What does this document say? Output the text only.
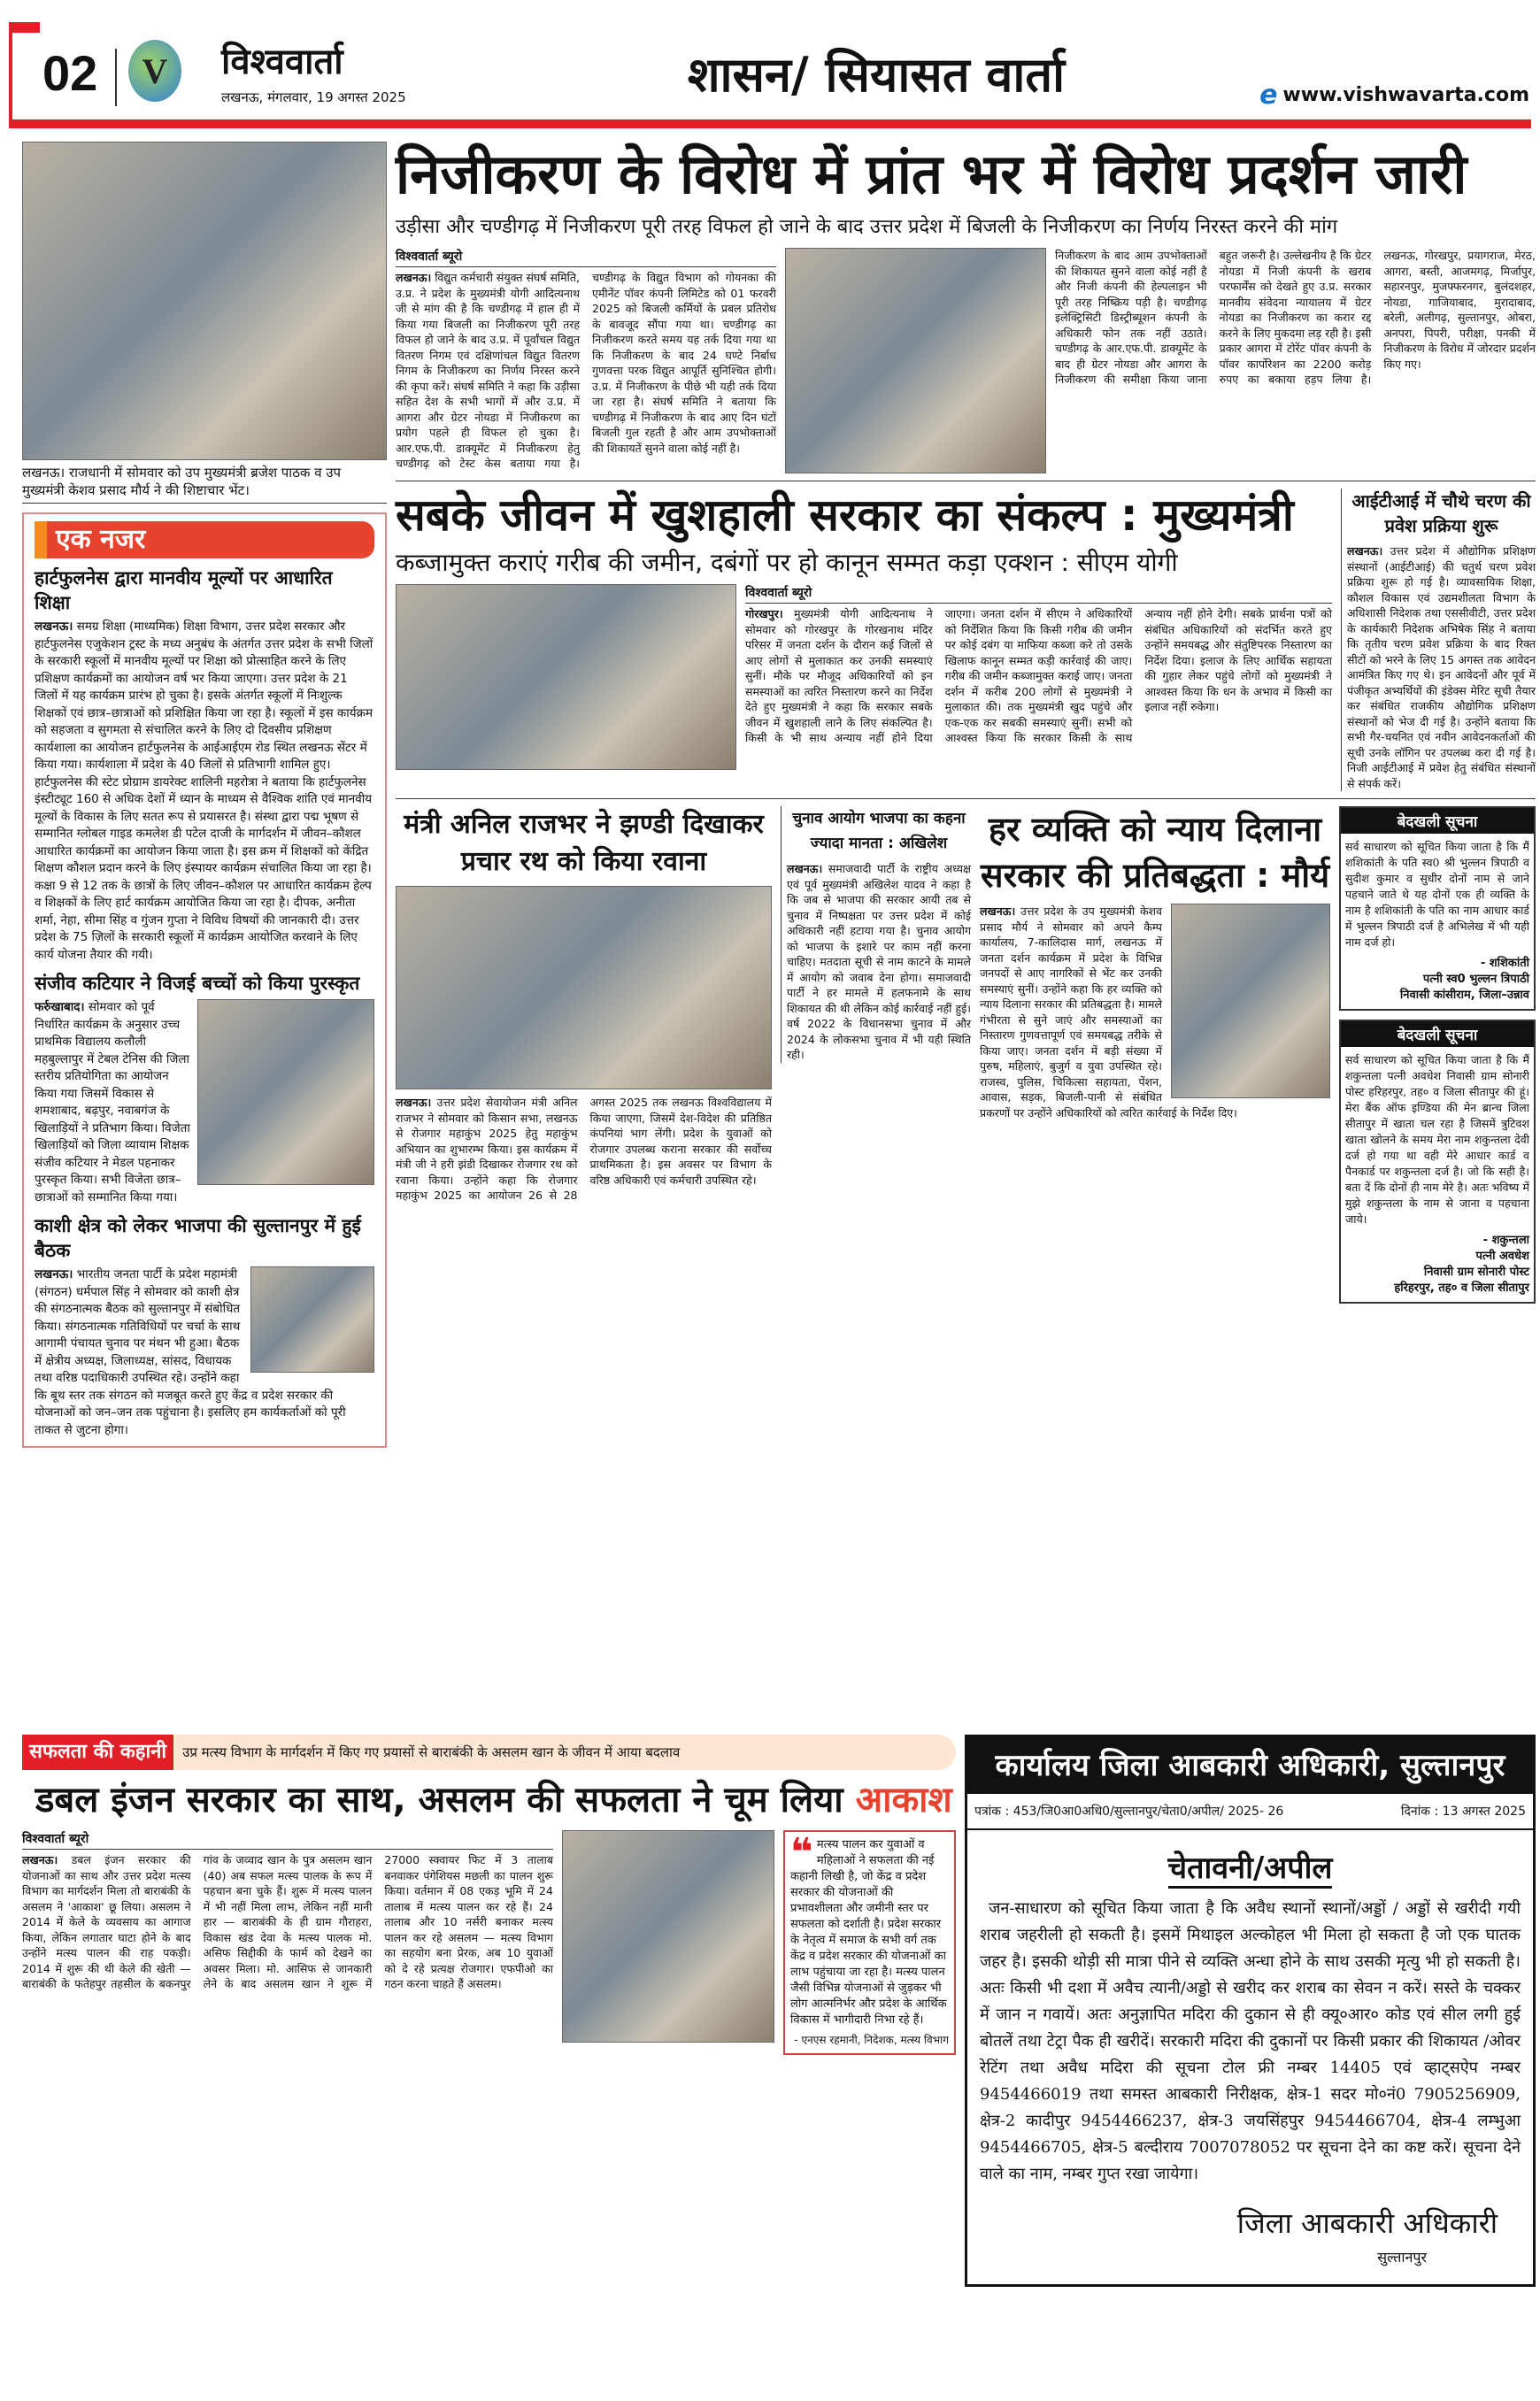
02	V	विश्ववार्ता
लखनऊ, मंगलवार, 19 अगस्त 2025	शासन/ सियासत वार्ता	e www.vishwavarta.com
लखनऊ। राजधानी में सोमवार को उप मुख्यमंत्री ब्रजेश पाठक व उप मुख्यमंत्री केशव प्रसाद मौर्य ने की शिष्टाचार भेंट।
एक नजर
हार्टफुलनेस द्वारा मानवीय मूल्यों पर आधारित शिक्षा
लखनऊ। समग्र शिक्षा (माध्यमिक) शिक्षा विभाग, उत्तर प्रदेश सरकार और हार्टफुलनेस एजुकेशन ट्रस्ट के मध्य अनुबंध के अंतर्गत उत्तर प्रदेश के सभी जिलों के सरकारी स्कूलों में मानवीय मूल्यों पर शिक्षा को प्रोत्साहित करने के लिए प्रशिक्षण कार्यक्रमों का आयोजन वर्ष भर किया जाएगा। उत्तर प्रदेश के 21 जिलों में यह कार्यक्रम प्रारंभ हो चुका है। इसके अंतर्गत स्कूलों में निःशुल्क शिक्षकों एवं छात्र–छात्राओं को प्रशिक्षित किया जा रहा है। स्कूलों में इस कार्यक्रम को सहजता व सुगमता से संचालित करने के लिए दो दिवसीय प्रशिक्षण कार्यशाला का आयोजन हार्टफुलनेस के आईआईएम रोड स्थित लखनऊ सेंटर में किया गया। कार्यशाला में प्रदेश के 40 जिलों से प्रतिभागी शामिल हुए। हार्टफुलनेस की स्टेट प्रोग्राम डायरेक्ट शालिनी महरोत्रा ने बताया कि हार्टफुलनेस इंस्टीट्यूट 160 से अधिक देशों में ध्यान के माध्यम से वैश्विक शांति एवं मानवीय मूल्यों के विकास के लिए सतत रूप से प्रयासरत है। संस्था द्वारा पद्म भूषण से सम्मानित ग्लोबल गाइड कमलेश डी पटेल दाजी के मार्गदर्शन में जीवन–कौशल आधारित कार्यक्रमों का आयोजन किया जाता है। इस क्रम में शिक्षकों को केंद्रित शिक्षण कौशल प्रदान करने के लिए इंस्पायर कार्यक्रम संचालित किया जा रहा है। कक्षा 9 से 12 तक के छात्रों के लिए जीवन–कौशल पर आधारित कार्यक्रम हेल्प व शिक्षकों के लिए हार्ट कार्यक्रम आयोजित किया जा रहा है। दीपक, अनीता शर्मा, नेहा, सीमा सिंह व गुंजन गुप्ता ने विविध विषयों की जानकारी दी। उत्तर प्रदेश के 75 ज़िलों के सरकारी स्कूलों में कार्यक्रम आयोजित करवाने के लिए कार्य योजना तैयार की गयी।
संजीव कटियार ने विजई बच्चों को किया पुरस्कृत
फर्रुखाबाद। सोमवार को पूर्व निर्धारित कार्यक्रम के अनुसार उच्च प्राथमिक विद्यालय कलौली महबुल्लापुर में टेबल टेनिस की जिला स्तरीय प्रतियोगिता का आयोजन किया गया जिसमें विकास से शमशाबाद, बढ़पुर, नवाबगंज के खिलाड़ियों ने प्रतिभाग किया। विजेता खिलाड़ियों को जिला व्यायाम शिक्षक संजीव कटियार ने मेडल पहनाकर पुरस्कृत किया। सभी विजेता छात्र–छात्राओं को सम्मानित किया गया।
काशी क्षेत्र को लेकर भाजपा की सुल्तानपुर में हुई बैठक
लखनऊ। भारतीय जनता पार्टी के प्रदेश महामंत्री (संगठन) धर्मपाल सिंह ने सोमवार को काशी क्षेत्र की संगठनात्मक बैठक को सुल्तानपुर में संबोधित किया। संगठनात्मक गतिविधियों पर चर्चा के साथ आगामी पंचायत चुनाव पर मंथन भी हुआ। बैठक में क्षेत्रीय अध्यक्ष, जिलाध्यक्ष, सांसद, विधायक तथा वरिष्ठ पदाधिकारी उपस्थित रहे। उन्होंने कहा कि बूथ स्तर तक संगठन को मजबूत करते हुए केंद्र व प्रदेश सरकार की योजनाओं को जन–जन तक पहुंचाना है। इसलिए हम कार्यकर्ताओं को पूरी ताकत से जुटना होगा।
निजीकरण के विरोध में प्रांत भर में विरोध प्रदर्शन जारी
उड़ीसा और चण्डीगढ़ में निजीकरण पूरी तरह विफल हो जाने के बाद उत्तर प्रदेश में बिजली के निजीकरण का निर्णय निरस्त करने की मांग
विश्ववार्ता ब्यूरो
लखनऊ। विद्युत कर्मचारी संयुक्त संघर्ष समिति, उ.प्र. ने प्रदेश के मुख्यमंत्री योगी आदित्यनाथ जी से मांग की है कि चण्डीगढ़ में हाल ही में किया गया बिजली का निजीकरण पूरी तरह विफल हो जाने के बाद उ.प्र. में पूर्वांचल विद्युत वितरण निगम एवं दक्षिणांचल विद्युत वितरण निगम के निजीकरण का निर्णय निरस्त करने की कृपा करें। संघर्ष समिति ने कहा कि उड़ीसा सहित देश के सभी भागों में और उ.प्र. में आगरा और ग्रेटर नोयडा में निजीकरण का प्रयोग पहले ही विफल हो चुका है। आर.एफ.पी. डाक्यूमेंट में निजीकरण हेतु चण्डीगढ़ को टेस्ट केस बताया गया है। चण्डीगढ़ के विद्युत विभाग को गोयनका की एमीनेंट पॉवर कंपनी लिमिटेड को 01 फरवरी 2025 को बिजली कर्मियों के प्रबल प्रतिरोध के बावजूद सौंपा गया था। चण्डीगढ़ का निजीकरण करते समय यह तर्क दिया गया था कि निजीकरण के बाद 24 घण्टे निर्बाध गुणवत्ता परक विद्युत आपूर्ति सुनिश्चित होगी। उ.प्र. में निजीकरण के पीछे भी यही तर्क दिया जा रहा है। संघर्ष समिति ने बताया कि चण्डीगढ़ में निजीकरण के बाद आए दिन घंटों बिजली गुल रहती है और आम उपभोक्ताओं की शिकायतें सुनने वाला कोई नहीं है।
निजीकरण के बाद आम उपभोक्ताओं की शिकायत सुनने वाला कोई नहीं है और निजी कंपनी की हेल्पलाइन भी पूरी तरह निष्क्रिय पड़ी है। चण्डीगढ़ इलेक्ट्रिसिटी डिस्ट्रीब्यूशन कंपनी के अधिकारी फोन तक नहीं उठाते। चण्डीगढ़ के आर.एफ.पी. डाक्यूमेंट के बाद ही ग्रेटर नोयडा और आगरा के निजीकरण की समीक्षा किया जाना बहुत जरूरी है। उल्लेखनीय है कि ग्रेटर नोयडा में निजी कंपनी के खराब परफार्मेंस को देखते हुए उ.प्र. सरकार मानवीय संवेदना न्यायालय में ग्रेटर नोयडा का निजीकरण का करार रद्द करने के लिए मुकदमा लड़ रही है। इसी प्रकार आगरा में टोरेंट पॉवर कंपनी के पॉवर कार्पोरेशन का 2200 करोड़ रुपए का बकाया हड़प लिया है। लखनऊ, गोरखपुर, प्रयागराज, मेरठ, आगरा, बस्ती, आजमगढ़, मिर्जापुर, सहारनपुर, मुजफ्फरनगर, बुलंदशहर, नोयडा, गाजियाबाद, मुरादाबाद, बरेली, अलीगढ़, सुल्तानपुर, ओबरा, अनपरा, पिपरी, परीक्षा, पनकी में निजीकरण के विरोध में जोरदार प्रदर्शन किए गए।
सबके जीवन में खुशहाली सरकार का संकल्प : मुख्यमंत्री
कब्जामुक्त कराएं गरीब की जमीन, दबंगों पर हो कानून सम्मत कड़ा एक्शन : सीएम योगी
विश्ववार्ता ब्यूरो
गोरखपुर। मुख्यमंत्री योगी आदित्यनाथ ने सोमवार को गोरखपुर के गोरखनाथ मंदिर परिसर में जनता दर्शन के दौरान कई जिलों से आए लोगों से मुलाकात कर उनकी समस्याएं सुनीं। मौके पर मौजूद अधिकारियों को इन समस्याओं का त्वरित निस्तारण करने का निर्देश देते हुए मुख्यमंत्री ने कहा कि सरकार सबके जीवन में खुशहाली लाने के लिए संकल्पित है। किसी के भी साथ अन्याय नहीं होने दिया जाएगा। जनता दर्शन में सीएम ने अधिकारियों को निर्देशित किया कि किसी गरीब की जमीन पर कोई दबंग या माफिया कब्जा करे तो उसके खिलाफ कानून सम्मत कड़ी कार्रवाई की जाए। गरीब की जमीन कब्जामुक्त कराई जाए। जनता दर्शन में करीब 200 लोगों से मुख्यमंत्री ने मुलाकात की। तक मुख्यमंत्री खुद पहुंचे और एक-एक कर सबकी समस्याएं सुनीं। सभी को आश्वस्त किया कि सरकार किसी के साथ अन्याय नहीं होने देगी। सबके प्रार्थना पत्रों को संबंधित अधिकारियों को संदर्भित करते हुए उन्होंने समयबद्ध और संतुष्टिपरक निस्तारण का निर्देश दिया। इलाज के लिए आर्थिक सहायता की गुहार लेकर पहुंचे लोगों को मुख्यमंत्री ने आश्वस्त किया कि धन के अभाव में किसी का इलाज नहीं रुकेगा।
आईटीआई में चौथे चरण की प्रवेश प्रक्रिया शुरू
लखनऊ। उत्तर प्रदेश में औद्योगिक प्रशिक्षण संस्थानों (आईटीआई) की चतुर्थ चरण प्रवेश प्रक्रिया शुरू हो गई है। व्यावसायिक शिक्षा, कौशल विकास एवं उद्यमशीलता विभाग के अधिशासी निदेशक तथा एससीवीटी, उत्तर प्रदेश के कार्यकारी निदेशक अभिषेक सिंह ने बताया कि तृतीय चरण प्रवेश प्रक्रिया के बाद रिक्त सीटों को भरने के लिए 15 अगस्त तक आवेदन आमंत्रित किए गए थे। इन आवेदनों और पूर्व में पंजीकृत अभ्यर्थियों की इंडेक्स मेरिट सूची तैयार कर संबंधित राजकीय औद्योगिक प्रशिक्षण संस्थानों को भेज दी गई है। उन्होंने बताया कि सभी गैर-चयनित एवं नवीन आवेदनकर्ताओं की सूची उनके लॉगिन पर उपलब्ध करा दी गई है। निजी आईटीआई में प्रवेश हेतु संबंधित संस्थानों से संपर्क करें।
मंत्री अनिल राजभर ने झण्डी दिखाकर प्रचार रथ को किया रवाना
लखनऊ। उत्तर प्रदेश सेवायोजन मंत्री अनिल राजभर ने सोमवार को किसान सभा, लखनऊ से रोजगार महाकुंभ 2025 हेतु महाकुंभ अभियान का शुभारम्भ किया। इस कार्यक्रम में मंत्री जी ने हरी झंडी दिखाकर रोजगार रथ को रवाना किया। उन्होंने कहा कि रोजगार महाकुंभ 2025 का आयोजन 26 से 28 अगस्त 2025 तक लखनऊ विश्वविद्यालय में किया जाएगा, जिसमें देश-विदेश की प्रतिष्ठित कंपनियां भाग लेंगी। प्रदेश के युवाओं को रोजगार उपलब्ध कराना सरकार की सर्वोच्च प्राथमिकता है। इस अवसर पर विभाग के वरिष्ठ अधिकारी एवं कर्मचारी उपस्थित रहे।
चुनाव आयोग भाजपा का कहना ज्यादा मानता : अखिलेश
लखनऊ। समाजवादी पार्टी के राष्ट्रीय अध्यक्ष एवं पूर्व मुख्यमंत्री अखिलेश यादव ने कहा है कि जब से भाजपा की सरकार आयी तब से चुनाव में निष्पक्षता पर उत्तर प्रदेश में कोई अधिकारी नहीं हटाया गया है। चुनाव आयोग को भाजपा के इशारे पर काम नहीं करना चाहिए। मतदाता सूची से नाम काटने के मामले में आयोग को जवाब देना होगा। समाजवादी पार्टी ने हर मामले में हलफनामे के साथ शिकायत की थी लेकिन कोई कार्रवाई नहीं हुई। वर्ष 2022 के विधानसभा चुनाव में और 2024 के लोकसभा चुनाव में भी यही स्थिति रही।
हर व्यक्ति को न्याय दिलाना सरकार की प्रतिबद्धता : मौर्य
लखनऊ। उत्तर प्रदेश के उप मुख्यमंत्री केशव प्रसाद मौर्य ने सोमवार को अपने कैम्प कार्यालय, 7-कालिदास मार्ग, लखनऊ में जनता दर्शन कार्यक्रम में प्रदेश के विभिन्न जनपदों से आए नागरिकों से भेंट कर उनकी समस्याएं सुनीं। उन्होंने कहा कि हर व्यक्ति को न्याय दिलाना सरकार की प्रतिबद्धता है। मामले गंभीरता से सुने जाएं और समस्याओं का निस्तारण गुणवत्तापूर्ण एवं समयबद्ध तरीके से किया जाए। जनता दर्शन में बड़ी संख्या में पुरुष, महिलाएं, बुजुर्ग व युवा उपस्थित रहे। राजस्व, पुलिस, चिकित्सा सहायता, पेंशन, आवास, सड़क, बिजली-पानी से संबंधित प्रकरणों पर उन्होंने अधिकारियों को त्वरित कार्रवाई के निर्देश दिए।
बेदखली सूचना
सर्व साधारण को सूचित किया जाता है कि मैं शशिकांती के पति स्व0 श्री भुल्लन त्रिपाठी व सुदीश कुमार व सुधीर दोनों नाम से जाने पहचाने जाते थे यह दोनों एक ही व्यक्ति के नाम है शशिकांती के पति का नाम आधार कार्ड में भुल्लन त्रिपाठी दर्ज है अभिलेख में भी यही नाम दर्ज हो।
- शशिकांती
पत्नी स्व0 भुल्लन त्रिपाठी
निवासी कांसीराम, जिला–उन्नाव
बेदखली सूचना
सर्व साधारण को सूचित किया जाता है कि मैं शकुन्तला पत्नी अवधेश निवासी ग्राम सोनारी पोस्ट हरिहरपुर, तह० व जिला सीतापुर की हूं। मेरा बैंक ऑफ इण्डिया की मेन ब्रान्च जिला सीतापुर में खाता चल रहा है जिसमें त्रुटिवश खाता खोलने के समय मेरा नाम शकुन्तला देवी दर्ज हो गया था वही मेरे आधार कार्ड व पैनकार्ड पर शकुन्तला दर्ज है। जो कि सही है। बता दें कि दोनों ही नाम मेरे है। अतः भविष्य में मुझे शकुन्तला के नाम से जाना व पहचाना जाये।
- शकुन्तला
पत्नी अवधेश
निवासी ग्राम सोनारी पोस्ट
हरिहरपुर, तह० व जिला सीतापुर
सफलता की कहानी	उप्र मत्स्य विभाग के मार्गदर्शन में किए गए प्रयासों से बाराबंकी के असलम खान के जीवन में आया बदलाव
डबल इंजन सरकार का साथ, असलम की सफलता ने चूम लिया आकाश
विश्ववार्ता ब्यूरो
लखनऊ। डबल इंजन सरकार की योजनाओं का साथ और उत्तर प्रदेश मत्स्य विभाग का मार्गदर्शन मिला तो बाराबंकी के असलम ने 'आकाश' छू लिया। असलम ने 2014 में केले के व्यवसाय का आगाज किया, लेकिन लगातार घाटा होने के बाद उन्होंने मत्स्य पालन की राह पकड़ी। 2014 में शुरू की थी केले की खेती — बाराबंकी के फतेहपुर तहसील के बकनपुर गांव के जव्वाद खान के पुत्र असलम खान (40) अब सफल मत्स्य पालक के रूप में पहचान बना चुके हैं। शुरू में मत्स्य पालन में भी नहीं मिला लाभ, लेकिन नहीं मानी हार — बाराबंकी के ही ग्राम गौराहरा, विकास खंड देवा के मत्स्य पालक मो. असिफ सिद्दीकी के फार्म को देखने का अवसर मिला। मो. आसिफ से जानकारी लेने के बाद असलम खान ने शुरू में 27000 स्क्वायर फिट में 3 तालाब बनवाकर पंगेशियस मछली का पालन शुरू किया। वर्तमान में 08 एकड़ भूमि में 24 तालाब में मत्स्य पालन कर रहे हैं। 24 तालाब और 10 नर्सरी बनाकर मत्स्य पालन कर रहे असलम — मत्स्य विभाग का सहयोग बना प्रेरक, अब 10 युवाओं को दे रहे प्रत्यक्ष रोजगार। एफपीओ का गठन करना चाहते हैं असलम।
❝ मत्स्य पालन कर युवाओं व महिलाओं ने सफलता की नई कहानी लिखी है, जो केंद्र व प्रदेश सरकार की योजनाओं की प्रभावशीलता और जमीनी स्तर पर सफलता को दर्शाती है। प्रदेश सरकार के नेतृत्व में समाज के सभी वर्ग तक केंद्र व प्रदेश सरकार की योजनाओं का लाभ पहुंचाया जा रहा है। मत्स्य पालन जैसी विभिन्न योजनाओं से जुड़कर भी लोग आत्मनिर्भर और प्रदेश के आर्थिक विकास में भागीदारी निभा रहे हैं।
- एनएस रहमानी, निदेशक, मत्स्य विभाग
कार्यालय जिला आबकारी अधिकारी, सुल्तानपुर
पत्रांक : 453/जि0आ0अधि0/सुल्तानपुर/चेता0/अपील/ 2025- 26	दिनांक : 13 अगस्त 2025
चेतावनी/अपील
जन-साधारण को सूचित किया जाता है कि अवैध स्थानों स्थानों/अड्डों / अड्डों से खरीदी गयी शराब जहरीली हो सकती है। इसमें मिथाइल अल्कोहल भी मिला हो सकता है जो एक घातक जहर है। इसकी थोड़ी सी मात्रा पीने से व्यक्ति अन्धा होने के साथ उसकी मृत्यु भी हो सकती है। अतः किसी भी दशा में अवैच त्यानी/अड्डो से खरीद कर शराब का सेवन न करें। सस्ते के चक्कर में जान न गवायें। अतः अनुज्ञापित मदिरा की दुकान से ही क्यू०आर० कोड एवं सील लगी हुई बोतलें तथा टेट्रा पैक ही खरीदें। सरकारी मदिरा की दुकानों पर किसी प्रकार की शिकायत /ओवर रेटिंग तथा अवैध मदिरा की सूचना टोल फ्री नम्बर 14405 एवं व्हाट्सऐप नम्बर 9454466019 तथा समस्त आबकारी निरीक्षक, क्षेत्र-1 सदर मो०नं0 7905256909, क्षेत्र-2 कादीपुर 9454466237, क्षेत्र-3 जयसिंहपुर 9454466704, क्षेत्र-4 लम्भुआ 9454466705, क्षेत्र-5 बल्दीराय 7007078052 पर सूचना देने का कष्ट करें। सूचना देने वाले का नाम, नम्बर गुप्त रखा जायेगा।
जिला आबकारी अधिकारी
सुल्तानपुर
